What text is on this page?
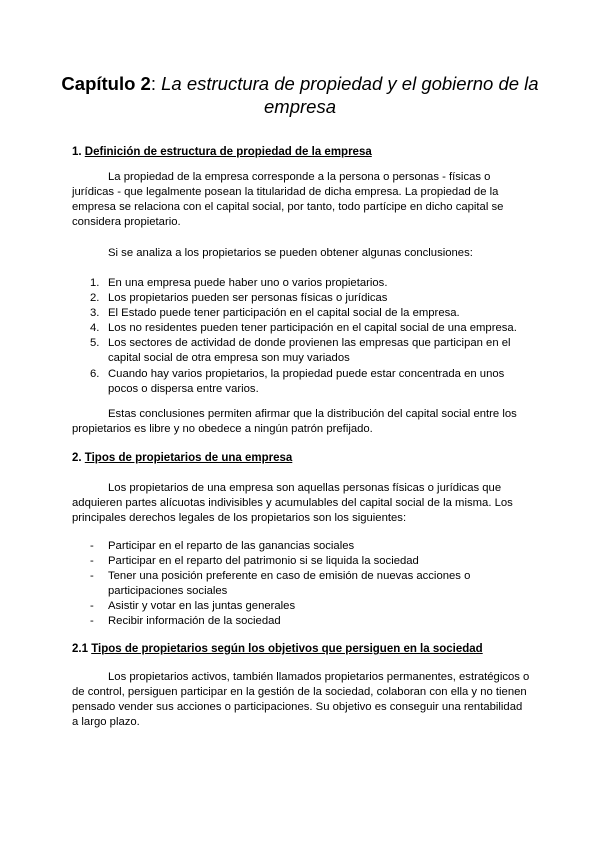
Capítulo 2: La estructura de propiedad y el gobierno de la empresa
1. Definición de estructura de propiedad de la empresa

La propiedad de la empresa corresponde a la persona o personas - físicas o jurídicas - que legalmente posean la titularidad de dicha empresa. La propiedad de la empresa se relaciona con el capital social, por tanto, todo partícipe en dicho capital se considera propietario.

Si se analiza a los propietarios se pueden obtener algunas conclusiones:

1. En una empresa puede haber uno o varios propietarios.
2. Los propietarios pueden ser personas físicas o jurídicas
3. El Estado puede tener participación en el capital social de la empresa.
4. Los no residentes pueden tener participación en el capital social de una empresa.
5. Los sectores de actividad de donde provienen las empresas que participan en el capital social de otra empresa son muy variados
6. Cuando hay varios propietarios, la propiedad puede estar concentrada en unos pocos o dispersa entre varios.

Estas conclusiones permiten afirmar que la distribución del capital social entre los propietarios es libre y no obedece a ningún patrón prefijado.

2. Tipos de propietarios de una empresa

Los propietarios de una empresa son aquellas personas físicas o jurídicas que adquieren partes alícuotas indivisibles y acumulables del capital social de la misma. Los principales derechos legales de los propietarios son los siguientes:

- Participar en el reparto de las ganancias sociales
- Participar en el reparto del patrimonio si se liquida la sociedad
- Tener una posición preferente en caso de emisión de nuevas acciones o participaciones sociales
- Asistir y votar en las juntas generales
- Recibir información de la sociedad
2.1 Tipos de propietarios según los objetivos que persiguen en la sociedad

Los propietarios activos, también llamados propietarios permanentes, estratégicos o de control, persiguen participar en la gestión de la sociedad, colaboran con ella y no tienen pensado vender sus acciones o participaciones. Su objetivo es conseguir una rentabilidad a largo plazo.
